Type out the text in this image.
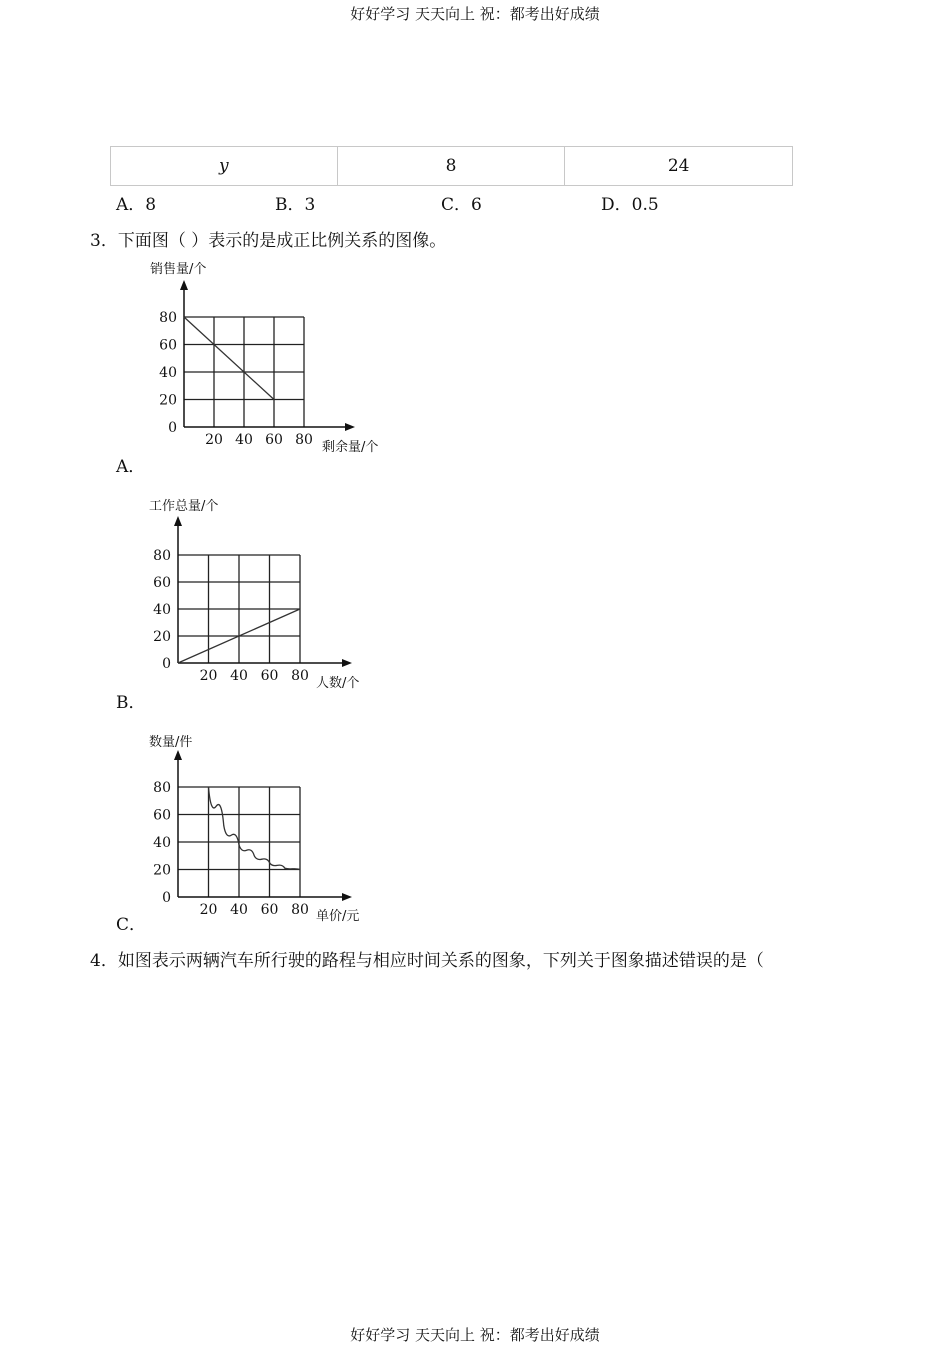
好好学习 天天向上 祝：都考出好成绩
y	8	24
A．8	B．3	C．6	D．0.5
3．下面图（ ）表示的是成正比例关系的图像。
0
20
40
60
80
20 40 60 80
销售量/个
剩余量/个
A．
0
20
40
60
80
20 40 60 80
工作总量/个
人数/个
B．
0
20
40
60
80
20 40 60 80
数量/件
单价/元
C．
4．如图表示两辆汽车所行驶的路程与相应时间关系的图象，下列关于图象描述错误的是（
好好学习 天天向上 祝：都考出好成绩
